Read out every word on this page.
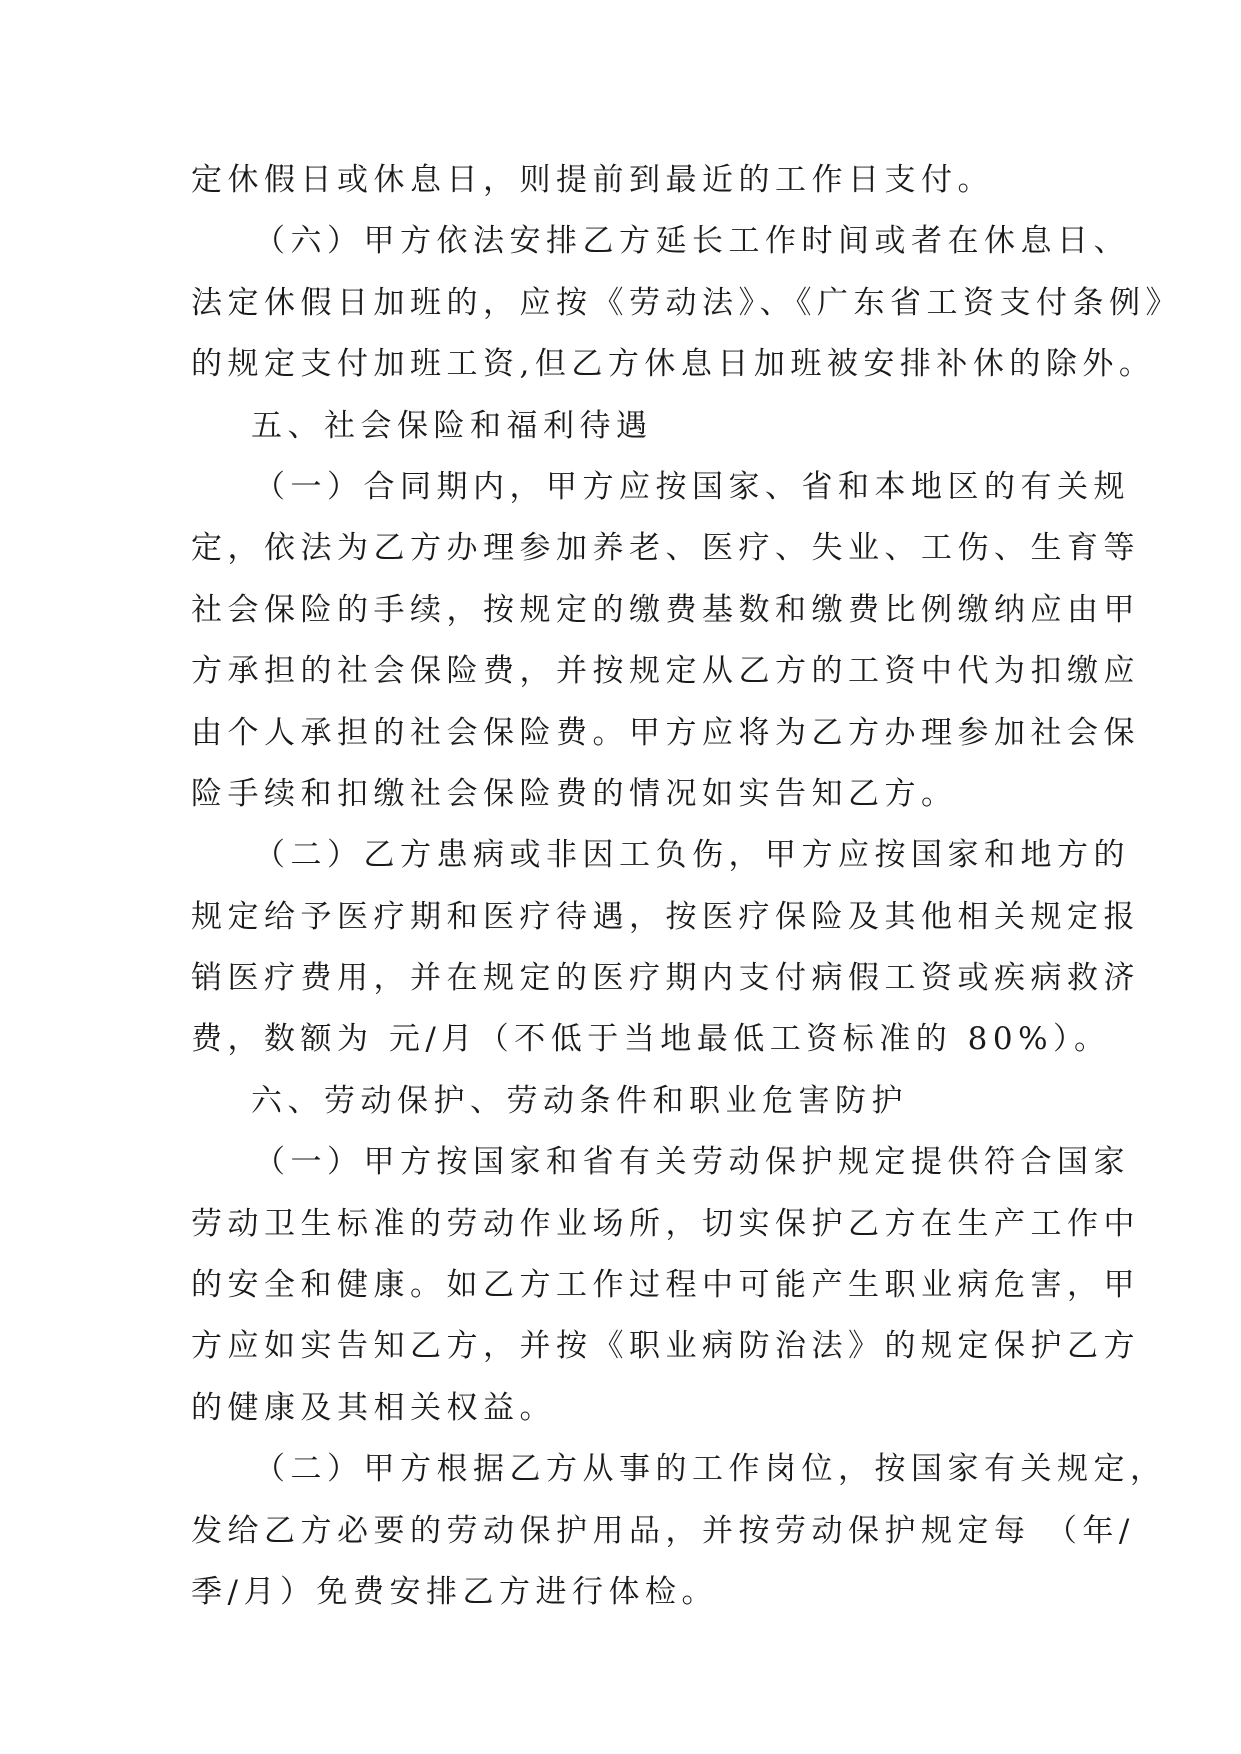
定休假日或休息日，则提前到最近的工作日支付。
（六）甲方依法安排乙方延长工作时间或者在休息日、
法定休假日加班的，应按《劳动法》、《广东省工资支付条例》
的规定支付加班工资,但乙方休息日加班被安排补休的除外。
五、社会保险和福利待遇
（一）合同期内，甲方应按国家、省和本地区的有关规
定，依法为乙方办理参加养老、医疗、失业、工伤、生育等
社会保险的手续，按规定的缴费基数和缴费比例缴纳应由甲
方承担的社会保险费，并按规定从乙方的工资中代为扣缴应
由个人承担的社会保险费。甲方应将为乙方办理参加社会保
险手续和扣缴社会保险费的情况如实告知乙方。
（二）乙方患病或非因工负伤，甲方应按国家和地方的
规定给予医疗期和医疗待遇，按医疗保险及其他相关规定报
销医疗费用，并在规定的医疗期内支付病假工资或疾病救济
费，数额为 元/月（不低于当地最低工资标准的 80%）。
六、劳动保护、劳动条件和职业危害防护
（一）甲方按国家和省有关劳动保护规定提供符合国家
劳动卫生标准的劳动作业场所，切实保护乙方在生产工作中
的安全和健康。如乙方工作过程中可能产生职业病危害，甲
方应如实告知乙方，并按《职业病防治法》的规定保护乙方
的健康及其相关权益。
（二）甲方根据乙方从事的工作岗位，按国家有关规定，
发给乙方必要的劳动保护用品，并按劳动保护规定每 （年/
季/月）免费安排乙方进行体检。
